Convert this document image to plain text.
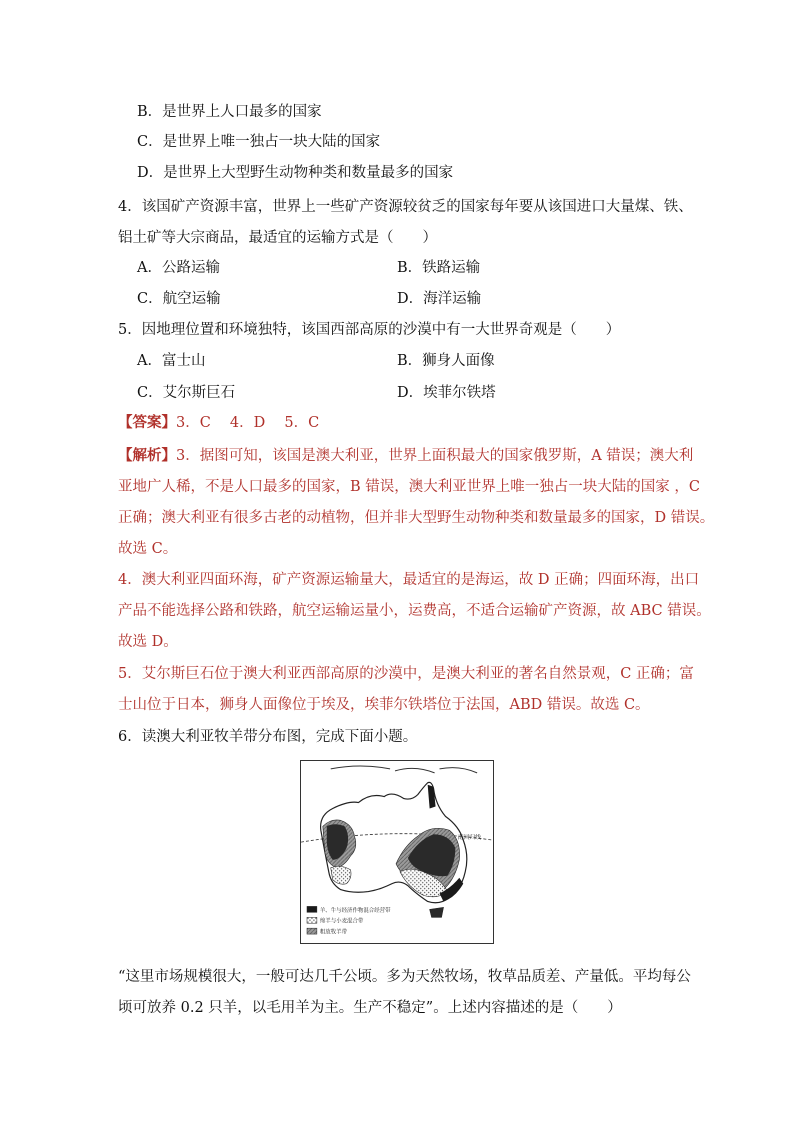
B．是世界上人口最多的国家
C．是世界上唯一独占一块大陆的国家
D．是世界上大型野生动物种类和数量最多的国家
4．该国矿产资源丰富，世界上一些矿产资源较贫乏的国家每年要从该国进口大量煤、铁、
铝土矿等大宗商品，最适宜的运输方式是（　　）
A．公路运输	B．铁路运输
C．航空运输	D．海洋运输
5．因地理位置和环境独特，该国西部高原的沙漠中有一大世界奇观是（　　）
A．富士山	B．狮身人面像
C．艾尔斯巨石	D．埃菲尔铁塔
【答案】3．C　 4．D　 5．C
【解析】3．据图可知，该国是澳大利亚，世界上面积最大的国家俄罗斯，A 错误；澳大利
亚地广人稀，不是人口最多的国家，B 错误，澳大利亚世界上唯一独占一块大陆的国家 ，C
正确；澳大利亚有很多古老的动植物，但并非大型野生动物种类和数量最多的国家，D 错误。
故选 C。
4．澳大利亚四面环海，矿产资源运输量大，最适宜的是海运，故 D 正确；四面环海，出口
产品不能选择公路和铁路，航空运输运量小，运费高，不适合运输矿产资源，故 ABC 错误。
故选 D。
5．艾尔斯巨石位于澳大利亚西部高原的沙漠中，是澳大利亚的著名自然景观，C 正确；富
士山位于日本，狮身人面像位于埃及，埃菲尔铁塔位于法国，ABD 错误。故选 C。
6．读澳大利亚牧羊带分布图，完成下面小题。
南回归线
羊、牛与经济作物混合经营带
绵羊与小麦混合带
粗放牧羊带
“这里市场规模很大，一般可达几千公顷。多为天然牧场，牧草品质差、产量低。平均每公
顷可放养 0.2 只羊，以毛用羊为主。生产不稳定”。上述内容描述的是（　　）
